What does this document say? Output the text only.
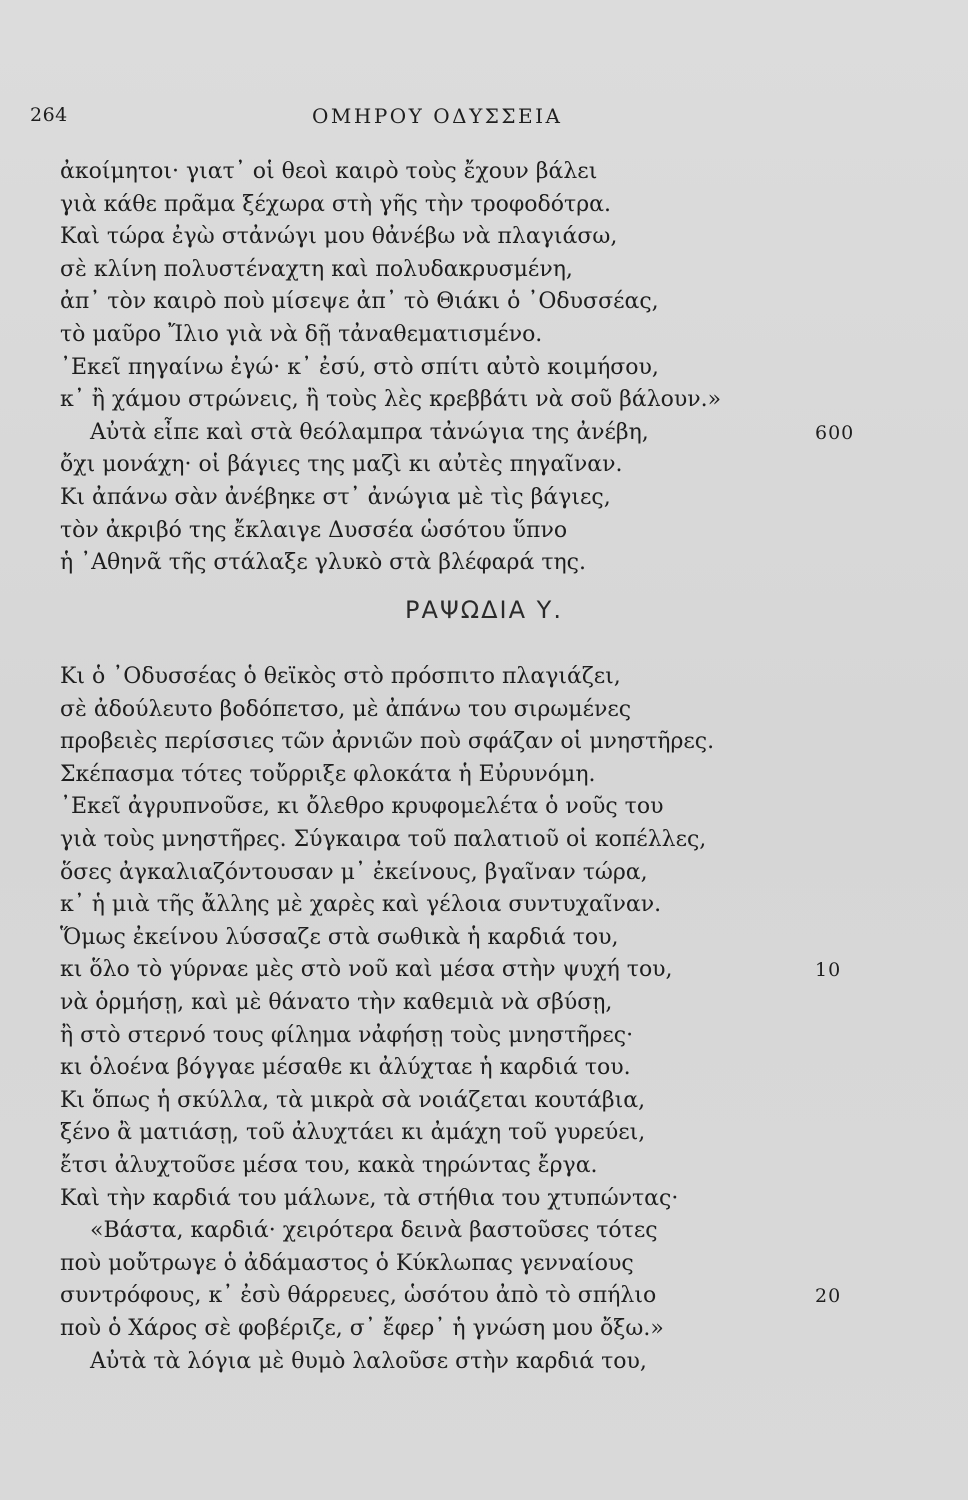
264	ΟΜΗΡΟΥ ΟΔΥΣΣΕΙΑ
ἀκοίμητοι· γιατ᾽ οἱ θεοὶ καιρὸ τοὺς ἔχουν βάλει
γιὰ κάθε πρᾶμα ξέχωρα στὴ γῆς τὴν τροφοδότρα.
Καὶ τώρα ἐγὼ στἀνώγι μου θἀνέβω νὰ πλαγιάσω,
σὲ κλίνη πολυστέναχτη καὶ πολυδακρυσμένη,
ἀπ᾽ τὸν καιρὸ ποὺ μίσεψε ἀπ᾽ τὸ Θιάκι ὁ ᾿Οδυσσέας,
τὸ μαῦρο Ἴλιο γιὰ νὰ δῇ τἀναθεματισμένο.
᾿Εκεῖ πηγαίνω ἐγώ· κ᾽ ἐσύ, στὸ σπίτι αὐτὸ κοιμήσου,
κ᾽ ἢ χάμου στρώνεις, ἢ τοὺς λὲς κρεββάτι νὰ σοῦ βάλουν.»
Αὐτὰ εἶπε καὶ στὰ θεόλαμπρα τἀνώγια της ἀνέβη,	600
ὄχι μονάχη· οἱ βάγιες της μαζὶ κι αὐτὲς πηγαῖναν.
Κι ἀπάνω σὰν ἀνέβηκε στ᾽ ἀνώγια μὲ τὶς βάγιες,
τὸν ἀκριβό της ἔκλαιγε Δυσσέα ὡσότου ὕπνο
ἡ ᾿Αθηνᾶ τῆς στάλαξε γλυκὸ στὰ βλέφαρά της.
ΡΑΨΩΔΙΑ Υ.
Κι ὁ ᾿Οδυσσέας ὁ θεϊκὸς στὸ πρόσπιτο πλαγιάζει,
σὲ ἀδούλευτο βοδόπετσο, μὲ ἀπάνω του σιρωμένες
προβειὲς περίσσιες τῶν ἀρνιῶν ποὺ σφάζαν οἱ μνηστῆρες.
Σκέπασμα τότες τοὔρριξε φλοκάτα ἡ Εὐρυνόμη.
᾿Εκεῖ ἀγρυπνοῦσε, κι ὄλεθρο κρυφομελέτα ὁ νοῦς του
γιὰ τοὺς μνηστῆρες. Σύγκαιρα τοῦ παλατιοῦ οἱ κοπέλλες,
ὅσες ἀγκαλιαζόντουσαν μ᾽ ἐκείνους, βγαῖναν τώρα,
κ᾽ ἡ μιὰ τῆς ἄλλης μὲ χαρὲς καὶ γέλοια συντυχαῖναν.
Ὅμως ἐκείνου λύσσαζε στὰ σωθικὰ ἡ καρδιά του,
κι ὅλο τὸ γύρναε μὲς στὸ νοῦ καὶ μέσα στὴν ψυχή του,	10
νὰ ὁρμήσῃ, καὶ μὲ θάνατο τὴν καθεμιὰ νὰ σβύσῃ,
ἢ στὸ στερνό τους φίλημα νἀφήσῃ τοὺς μνηστῆρες·
κι ὁλοένα βόγγαε μέσαθε κι ἀλύχταε ἡ καρδιά του.
Κι ὅπως ἡ σκύλλα, τὰ μικρὰ σὰ νοιάζεται κουτάβια,
ξένο ἂ ματιάσῃ, τοῦ ἀλυχτάει κι ἀμάχη τοῦ γυρεύει,
ἔτσι ἀλυχτοῦσε μέσα του, κακὰ τηρώντας ἔργα.
Καὶ τὴν καρδιά του μάλωνε, τὰ στήθια του χτυπώντας·
«Βάστα, καρδιά· χειρότερα δεινὰ βαστοῦσες τότες
ποὺ μοὔτρωγε ὁ ἀδάμαστος ὁ Κύκλωπας γενναίους
συντρόφους, κ᾽ ἐσὺ θάρρευες, ὡσότου ἀπὸ τὸ σπήλιο	20
ποὺ ὁ Χάρος σὲ φοβέριζε, σ᾽ ἔφερ᾽ ἡ γνώση μου ὄξω.»
Αὐτὰ τὰ λόγια μὲ θυμὸ λαλοῦσε στὴν καρδιά του,
